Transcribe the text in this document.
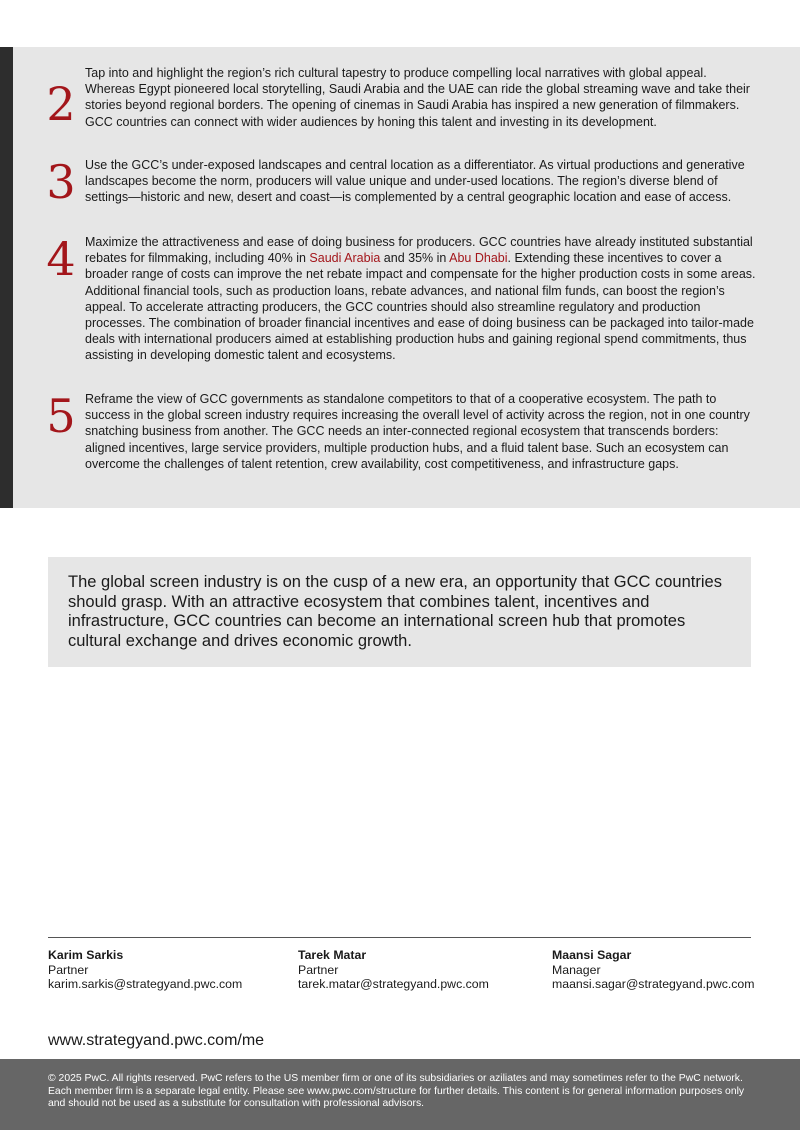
2

Tap into and highlight the region’s rich cultural tapestry to produce compelling local narratives with global appeal. Whereas Egypt pioneered local storytelling, Saudi Arabia and the UAE can ride the global streaming wave and take their stories beyond regional borders. The opening of cinemas in Saudi Arabia has inspired a new generation of filmmakers. GCC countries can connect with wider audiences by honing this talent and investing in its development.

3 Use the GCC’s under-exposed landscapes and central location as a differentiator. As virtual productions and generative landscapes become the norm, producers will value unique and under-used locations. The region’s diverse blend of settings—historic and new, desert and coast—is complemented by a central geographic location and ease of access.

4 Maximize the attractiveness and ease of doing business for producers. GCC countries have already instituted substantial rebates for filmmaking, including 40% in Saudi Arabia and 35% in Abu Dhabi. Extending these incentives to cover a broader range of costs can improve the net rebate impact and compensate for the higher production costs in some areas. Additional financial tools, such as production loans, rebate advances, and national film funds, can boost the region’s appeal. To accelerate attracting producers, the GCC countries should also streamline regulatory and production processes. The combination of broader financial incentives and ease of doing business can be packaged into tailor-made deals with international producers aimed at establishing production hubs and gaining regional spend commitments, thus assisting in developing domestic talent and ecosystems.

5 Reframe the view of GCC governments as standalone competitors to that of a cooperative ecosystem. The path to success in the global screen industry requires increasing the overall level of activity across the region, not in one country snatching business from another. The GCC needs an inter-connected regional ecosystem that transcends borders: aligned incentives, large service providers, multiple production hubs, and a fluid talent base. Such an ecosystem can overcome the challenges of talent retention, crew availability, cost competitiveness, and infrastructure gaps.

The global screen industry is on the cusp of a new era, an opportunity that GCC countries should grasp. With an attractive ecosystem that combines talent, incentives and infrastructure, GCC countries can become an international screen hub that promotes cultural exchange and drives economic growth.
Karim Sarkis
Partner
karim.sarkis@strategyand.pwc.com
Tarek Matar
Partner
tarek.matar@strategyand.pwc.com
Maansi Sagar
Manager
maansi.sagar@strategyand.pwc.com
www.strategyand.pwc.com/me
© 2025 PwC. All rights reserved. PwC refers to the US member firm or one of its subsidiaries or aziliates and may sometimes refer to the PwC network. Each member firm is a separate legal entity. Please see www.pwc.com/structure for further details. This content is for general information purposes only and should not be used as a substitute for consultation with professional advisors.
